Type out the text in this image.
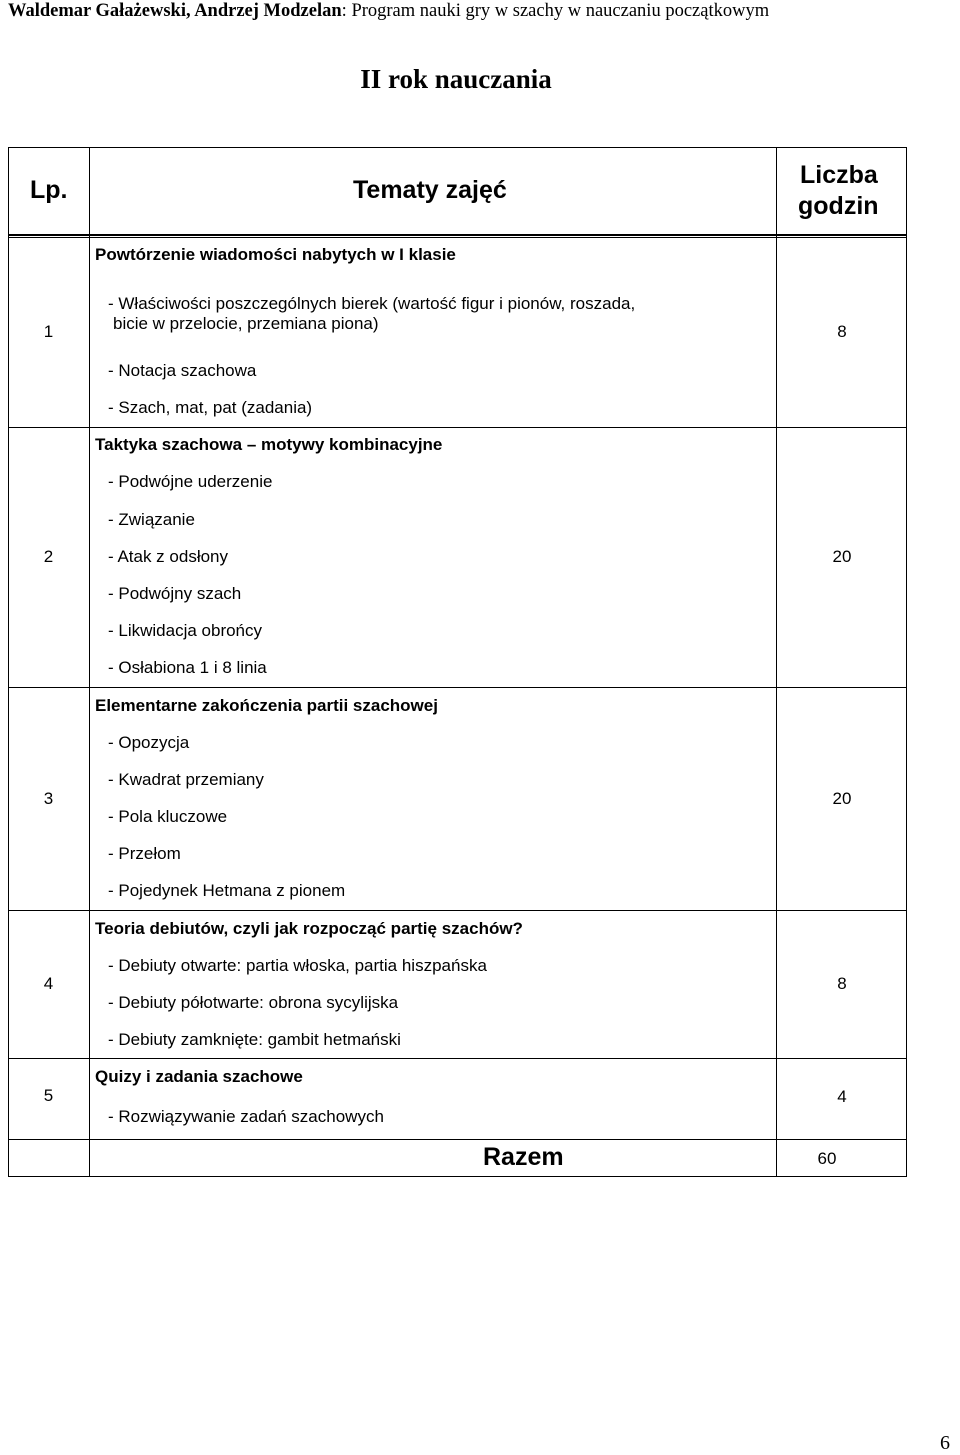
Waldemar Gałażewski, Andrzej Modzelan: Program nauki gry w szachy w nauczaniu początkowym
II rok nauczania
Lp.	Tematy zajęć
Liczba
godzin
1
Powtórzenie wiadomości nabytych w I klasie
- Właściwości poszczególnych bierek (wartość figur i pionów, roszada,
bicie w przelocie, przemiana piona)
- Notacja szachowa
- Szach, mat, pat (zadania)
8
2
Taktyka szachowa – motywy kombinacyjne
- Podwójne uderzenie
- Związanie
- Atak z odsłony
- Podwójny szach
- Likwidacja obrońcy
- Osłabiona 1 i 8 linia
20
3
Elementarne zakończenia partii szachowej
- Opozycja
- Kwadrat przemiany
- Pola kluczowe
- Przełom
- Pojedynek Hetmana z pionem
20
4
Teoria debiutów, czyli jak rozpocząć partię szachów?
- Debiuty otwarte: partia włoska, partia hiszpańska
- Debiuty półotwarte: obrona sycylijska
- Debiuty zamknięte: gambit hetmański
8
5
Quizy i zadania szachowe
- Rozwiązywanie zadań szachowych
4
Razem	60
6
